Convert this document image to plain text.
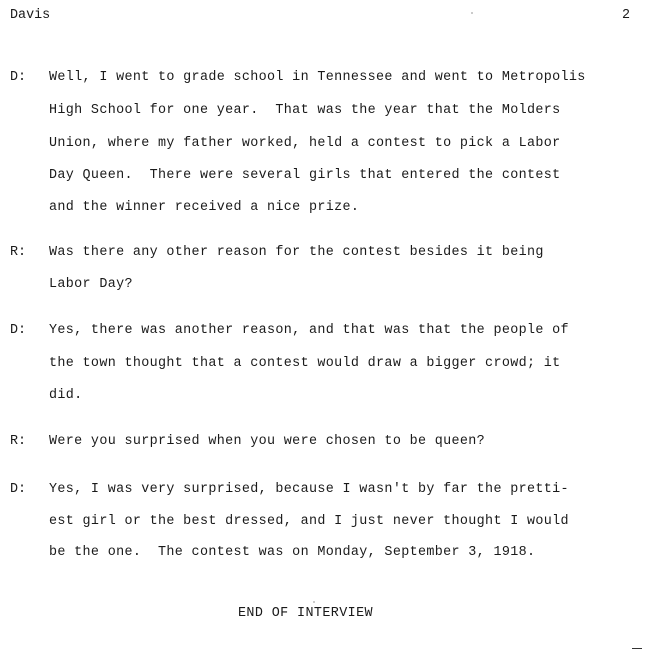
Davis	2
D: Well, I went to grade school in Tennessee and went to Metropolis
High School for one year.  That was the year that the Molders
Union, where my father worked, held a contest to pick a Labor
Day Queen.  There were several girls that entered the contest
and the winner received a nice prize.
R: Was there any other reason for the contest besides it being
Labor Day?
D: Yes, there was another reason, and that was that the people of
the town thought that a contest would draw a bigger crowd; it
did.
R: Were you surprised when you were chosen to be queen?
D: Yes, I was very surprised, because I wasn't by far the pretti-
est girl or the best dressed, and I just never thought I would
be the one.  The contest was on Monday, September 3, 1918.
END OF INTERVIEW
